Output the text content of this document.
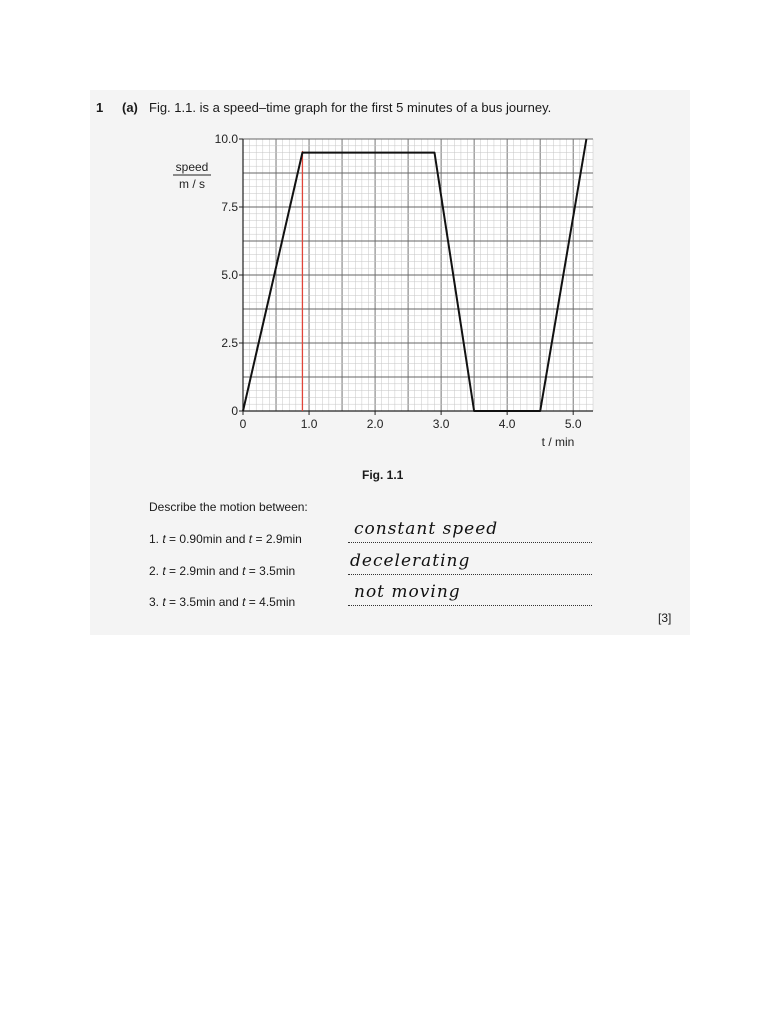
1 (a) Fig. 1.1. is a speed–time graph for the first 5 minutes of a bus journey.
0
2.5
5.0
7.5
10.0
0	1.0	2.0	3.0	4.0	5.0
speed
m / s
t / min
Fig. 1.1
Describe the motion between:
1. t = 0.90min and t = 2.9min	constant speed
2. t = 2.9min and t = 3.5min	decelerating
3. t = 3.5min and t = 4.5min	not moving
[3]
